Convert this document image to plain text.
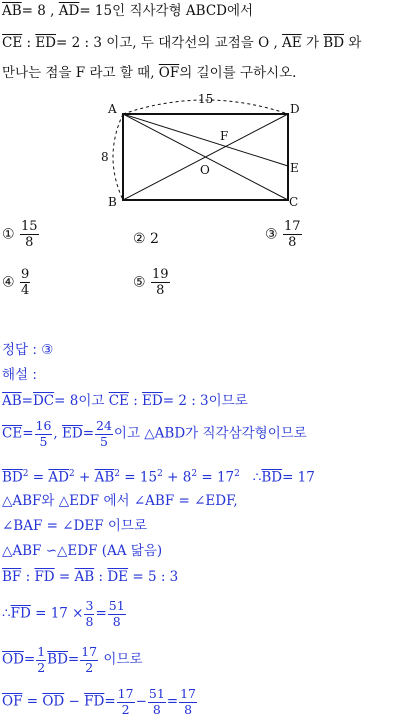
$\overline{AB}= 8$ , $\overline{AD}= 15$인 직사각형 ABCD에서
$\overline{CE}$ : $\overline{ED}= 2$ : 3 이고, 두 대각선의 교점을 O , $\overline{AE}$ 가 $\overline{BD}$ 와
만나는 점을 F 라고 할 때, $\overline{OF}$의 길이를 구하시오.
A
B	C
D
E
F
O
15
8
① $\frac{15}{8}$	② 2	③ $\frac{17}{8}$
④ $\frac{9}{4}$	⑤ $\frac{19}{8}$
정답 : ③
해설 :
$\overline{AB}=\overline{DC}= 8$이고 $\overline{CE}$ : $\overline{ED}= 2$ : 3이므로
$\overline{CE}= \frac{16}{5}$ , $\overline{ED}= \frac{24}{5}$ 이고 △ABD가 직각삼각형이므로
$\overline{BD}^2 = \overline{AD}^2 + \overline{AB}^2 = 15^2 + 8^2 = 17^2$   $\therefore\overline{BD}= 17$
△ABF와 △EDF 에서 ∠ABF = ∠EDF,
∠BAF = ∠DEF 이므로
△ABF ∽△EDF (AA 닮음)
$\overline{BF}$ : $\overline{FD} = \overline{AB}$ : $\overline{DE} = 5$ : 3
$\therefore\overline{FD} = 17 \times \frac{3}{8} = \frac{51}{8}$
$\overline{OD}= \frac{1}{2} \overline{BD}= \frac{17}{2}$ 이므로
$\overline{OF} = \overline{OD} - \overline{FD}= \frac{17}{2} - \frac{51}{8} = \frac{17}{8}$
